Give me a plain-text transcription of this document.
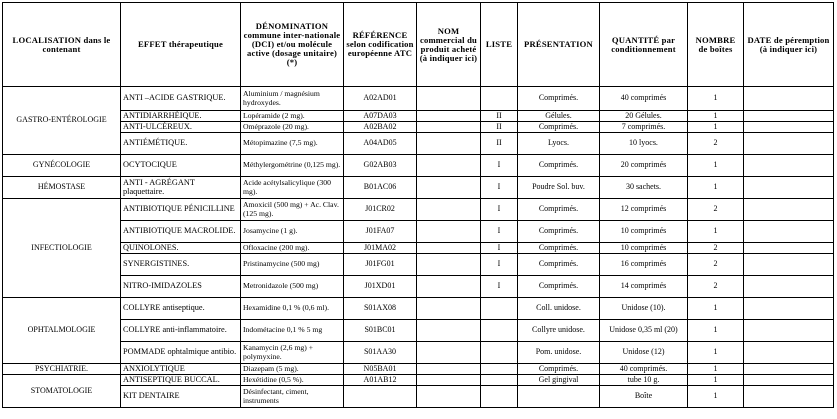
LOCALISATION dans le contenant	EFFET thérapeutique	DÉNOMINATION commune inter-nationale (DCI) et/ou molécule active (dosage unitaire) (*)	RÉFÉRENCE selon codification européenne ATC	NOM commercial du produit acheté (à indiquer ici)	LISTE	PRÉSENTATION	QUANTITÉ par conditionnement	NOMBRE de boîtes	DATE de péremption (à indiquer ici)
GASTRO-ENTÉROLOGIE	ANTI –ACIDE GASTRIQUE.	Aluminium / magnésium hydroxydes.	A02AD01			Comprimés.	40 comprimés	1	
	ANTIDIARRHÉIQUE.	Lopéramide (2 mg).	A07DA03		II	Gélules.	20 Gélules.	1	
	ANTI-ULCÉREUX.	Oméprazole (20 mg).	A02BA02		II	Comprimés.	7 comprimés.	1	
	ANTIÉMÉTIQUE.	Métopimazine (7,5 mg).	A04AD05		II	Lyocs.	10 lyocs.	2	
GYNÉCOLOGIE	OCYTOCIQUE	Méthylergométrine (0,125 mg).	G02AB03		I	Comprimés.	20 comprimés	1	
HÉMOSTASE	ANTI - AGRÉGANT plaquettaire.	Acide acétylsalicylique (300 mg).	B01AC06		I	Poudre Sol. buv.	30 sachets.	1	
INFECTIOLOGIE	ANTIBIOTIQUE PÉNICILLINE	Amoxicil (500 mg) + Ac. Clav. (125 mg).	J01CR02		I	Comprimés.	12 comprimés	2	
	ANTIBIOTIQUE MACROLIDE.	Josamycine (1 g).	J01FA07		I	Comprimés.	10 comprimés	1	
	QUINOLONES.	Ofloxacine (200 mg).	J01MA02		I	Comprimés.	10 comprimés	2	
	SYNERGISTINES.	Pristinamycine (500 mg)	J01FG01		I	Comprimés.	16 comprimés	2	
	NITRO-IMIDAZOLES	Metronidazole (500 mg)	J01XD01		I	Comprimés.	14 comprimés	2	
OPHTALMOLOGIE	COLLYRE antiseptique.	Hexamidine 0,1 % (0,6 ml).	S01AX08			Coll. unidose.	Unidose (10).	1	
	COLLYRE anti-inflammatoire.	Indométacine 0,1 % 5 mg	S01BC01			Collyre unidose.	Unidose 0,35 ml (20)	1	
	POMMADE ophtalmique antibio.	Kanamycin (2,6 mg) + polymyxine.	S01AA30			Pom. unidose.	Unidose (12)	1	
PSYCHIATRIE.	ANXIOLYTIQUE	Diazepam (5 mg).	N05BA01			Comprimés.	40 comprimés.	1	
STOMATOLOGIE	ANTISEPTIQUE BUCCAL.	Hexétidine (0,5 %).	A01AB12			Gel gingival	tube 10 g.	1	
	KIT DENTAIRE	Désinfectant, ciment, instruments					Boîte	1	
